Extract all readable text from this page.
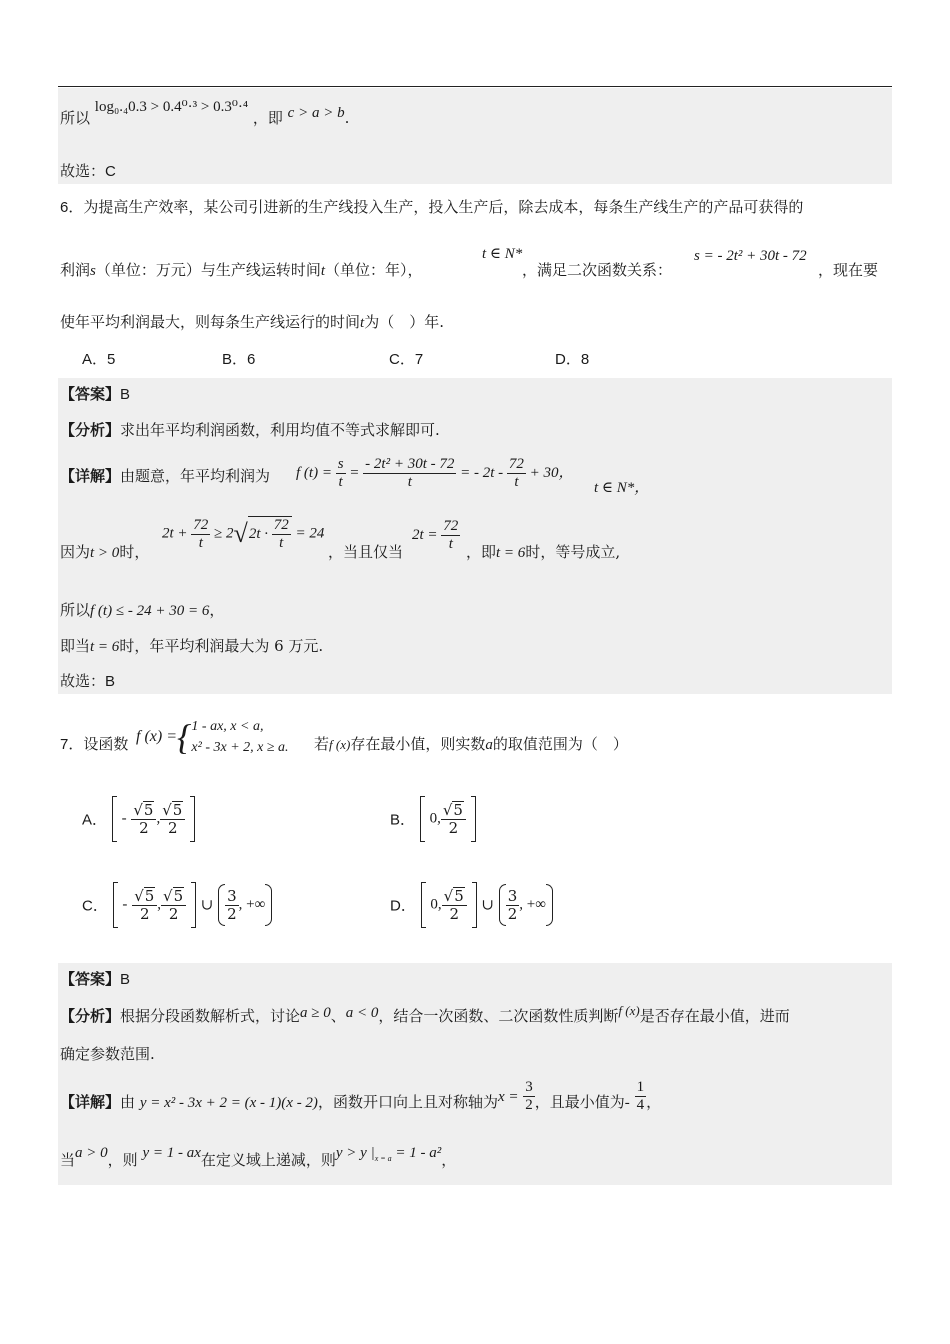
所以 log₀.₄0.3 > 0.4⁰·³ > 0.3⁰·⁴ ，即 c > a > b.
故选：C
6．为提高生产效率，某公司引进新的生产线投入生产，投入生产后，除去成本，每条生产线生产的产品可获得的
利润s（单位：万元）与生产线运转时间t（单位：年），
t ∈ N*
，满足二次函数关系：
s = - 2t² + 30t - 72
，现在要
使年平均利润最大，则每条生产线运行的时间t为（　）年.
A．5	B．6	C．7	D．8
【答案】B
【分析】求出年平均利润函数，利用均值不等式求解即可.
【详解】由题意，年平均利润为 f $(t) = \frac{s}{t} = \frac{\text{- 2t² + 30t - 72}}{t}$ = - $2t - \frac{72}{t} + 30$，
t ∈ N*，
因为t > 0时，
$2t + \frac{72}{t} \ge 2√2t \cdot \frac{72}{t} = 24$
，当且仅当
$2t = \frac{72}{t}$ ，即t = 6时，等号成立,
所以f (t) ≤ - 24 + 30 = 6，
即当t = 6时，年平均利润最大为 6 万元.
故选：B
7．设函数 f (x) ={ 1 - ax, x < a,
x² - 3x + 2, x ≥ a. 若f (x)存在最小值，则实数a的取值范围为（　）
A． - $\frac{√5}{2}$ , $\frac{√5}{2}$
	B． 0, $\frac{√5}{2}$

C． - $\frac{√5}{2}$ , $\frac{√5}{2}$ ∪ $\frac{3}{2}$ , +∞	D． 0, $\frac{√5}{2}$ ∪ $\frac{3}{2}$ , +∞
【答案】B
【分析】根据分段函数解析式，讨论a ≥ 0、a < 0，结合一次函数、二次函数性质判断f (x)是否存在最小值，进而
确定参数范围.
【详解】由 y = x² - 3x + 2 = (x - 1)(x - 2)，函数开口向上且对称轴为$x = \frac{3}{2}$ ，且最小值为- $\frac{1}{4}$ ，
当a > 0，则 y = 1 - ax在定义域上递减，则y > y $|_{x = a} = 1 - a^2$，
